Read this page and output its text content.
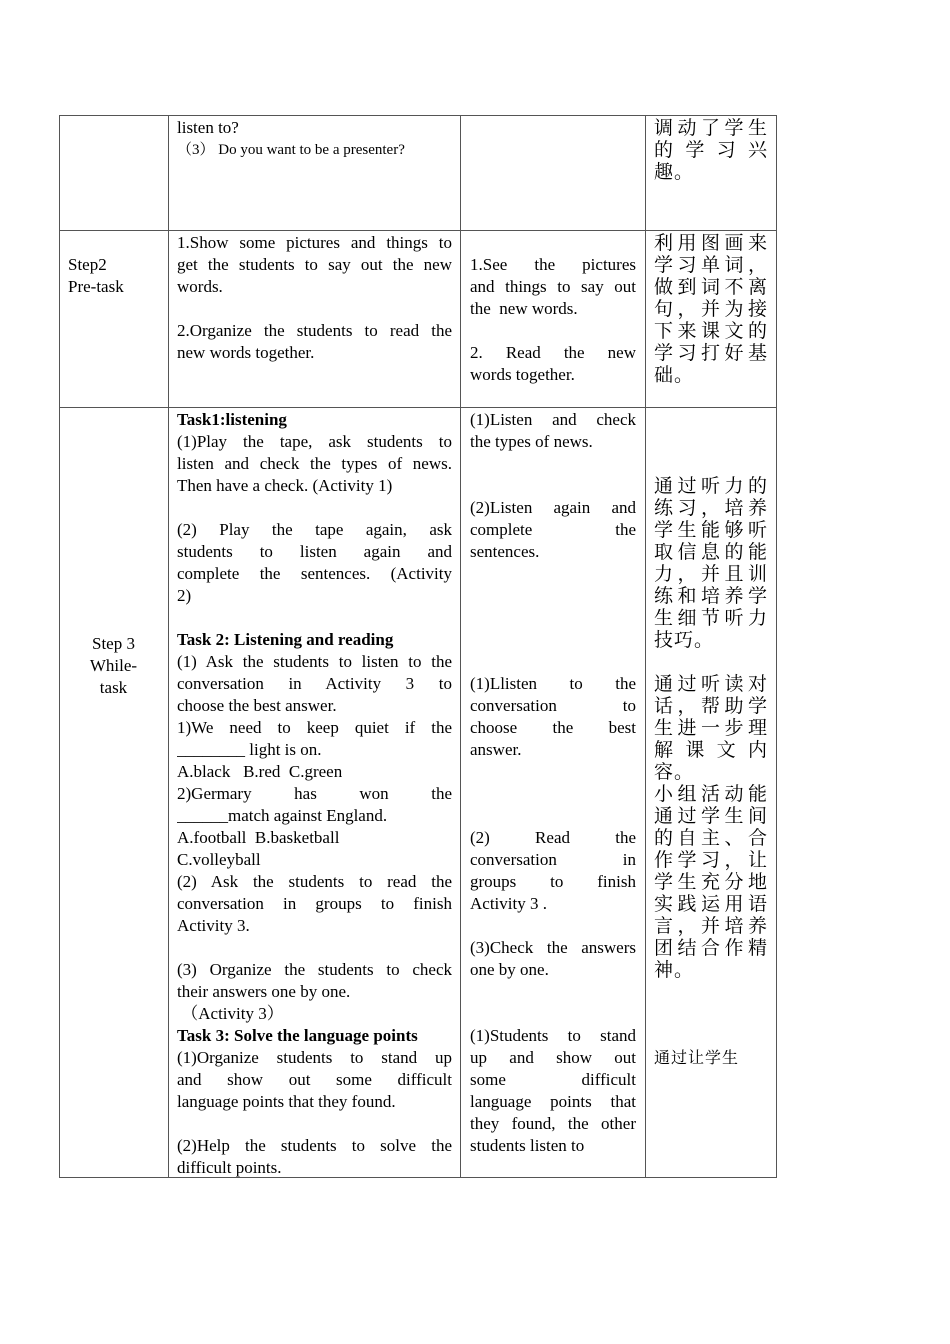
listen to?
（3） Do you want to be a presenter?
调动了学生
的 学 习 兴
趣。
Step2
Pre-task
1.Show some pictures and things to
get the students to say out the new
words.
2.Organize the students to read the
new words together.
1.See the pictures
and things to say out
the  new words.
2. Read the new
words together.
利用图画来
学习单词，
做到词不离
句，并为接
下来课文的
学习打好基
础。
Step 3
While-
task
Task1:listening
(1)Play the tape, ask students to
listen and check the types of news.
Then have a check. (Activity 1)
(2) Play the tape again, ask
students to listen again and
complete the sentences. (Activity
2)
Task 2: Listening and reading
(1) Ask the students to listen to the
conversation in Activity 3 to
choose the best answer.
1)We need to keep quiet if the
________ light is on.
A.black   B.red  C.green
2)Germary has won the
______match against England.
A.football  B.basketball
C.volleyball
(2) Ask the students to read the
conversation in groups to finish
Activity 3.
(3) Organize the students to check
their answers one by one.
（Activity 3）
Task 3: Solve the language points
(1)Organize students to stand up
and show out some difficult
language points that they found.
(2)Help the students to solve the
difficult points.
(1)Listen and check
the types of news.
(2)Listen again and
complete the
sentences.
(1)Llisten to the
conversation to
choose the best
answer.
(2) Read the
conversation in
groups to finish
Activity 3 .
(3)Check the answers
one by one.
(1)Students to stand
up and show out
some difficult
language points that
they found, the other
students listen to
通过听力的
练习，培养
学生能够听
取信息的能
力，并且训
练和培养学
生细节听力
技巧。
通过听读对
话，帮助学
生进一步理
解 课 文 内
容。
小组活动能
通过学生间
的自主、合
作学习，让
学生充分地
实践运用语
言，并培养
团结合作精
神。
通过让学生
